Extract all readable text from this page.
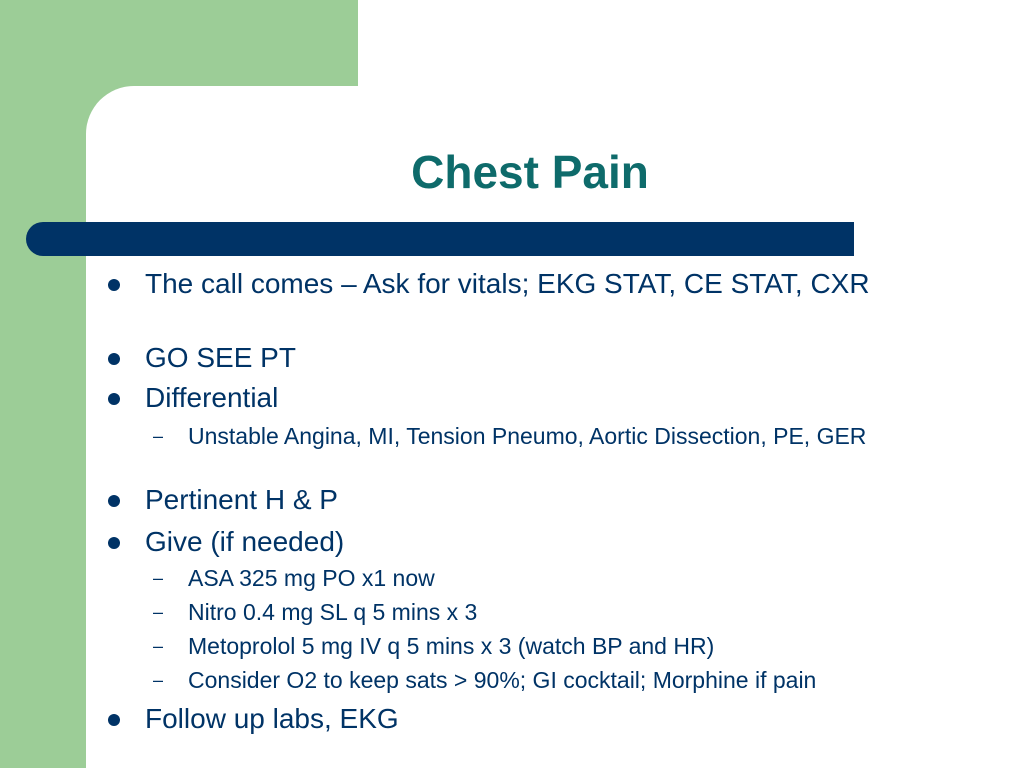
Chest Pain
The call comes – Ask for vitals; EKG STAT, CE STAT, CXR
GO SEE PT
Differential
– Unstable Angina, MI, Tension Pneumo, Aortic Dissection, PE, GER
Pertinent H & P
Give (if needed)
– ASA 325 mg PO x1 now
– Nitro 0.4 mg SL q 5 mins x 3
– Metoprolol 5 mg IV q 5 mins x 3 (watch BP and HR)
– Consider O2 to keep sats > 90%; GI cocktail; Morphine if pain
Follow up labs, EKG
